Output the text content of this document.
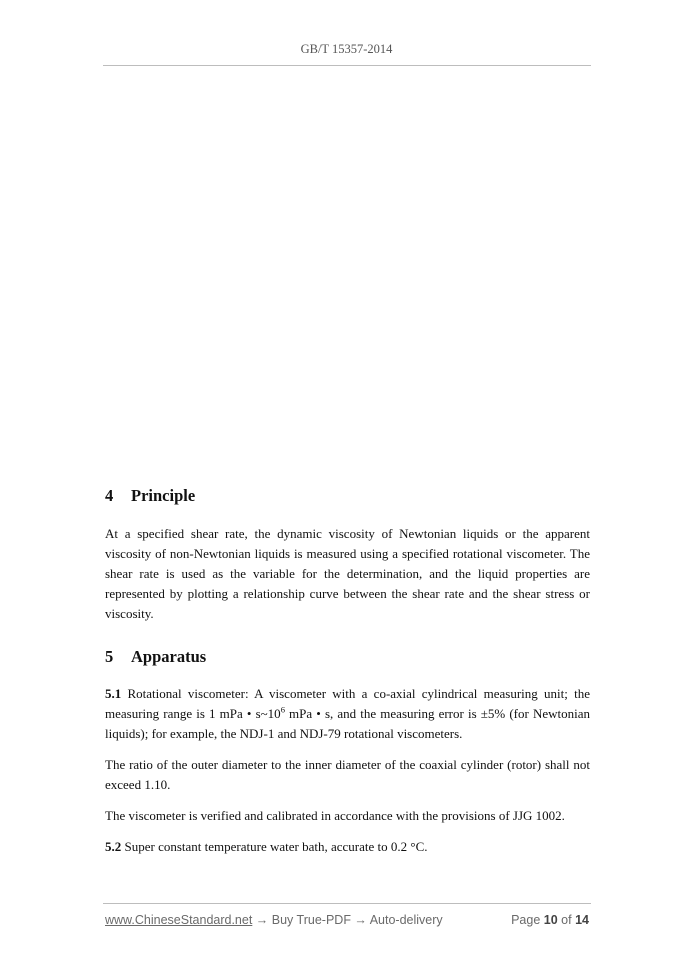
GB/T 15357-2014
4	Principle

At a specified shear rate, the dynamic viscosity of Newtonian liquids or the apparent viscosity of non-Newtonian liquids is measured using a specified rotational viscometer. The shear rate is used as the variable for the determination, and the liquid properties are represented by plotting a relationship curve between the shear rate and the shear stress or viscosity.

5	Apparatus

5.1 Rotational viscometer: A viscometer with a co-axial cylindrical measuring unit; the measuring range is 1 mPa • $s\sim 10^6$ mPa • s, and the measuring error is ±5% (for Newtonian liquids); for example, the NDJ-1 and NDJ-79 rotational viscometers.

The ratio of the outer diameter to the inner diameter of the coaxial cylinder (rotor) shall not exceed 1.10.

The viscometer is verified and calibrated in accordance with the provisions of JJG 1002.

5.2 Super constant temperature water bath, accurate to 0.2 °C.

www.ChineseStandard.net → Buy True-PDF → Auto-delivery	Page 10 of 14
